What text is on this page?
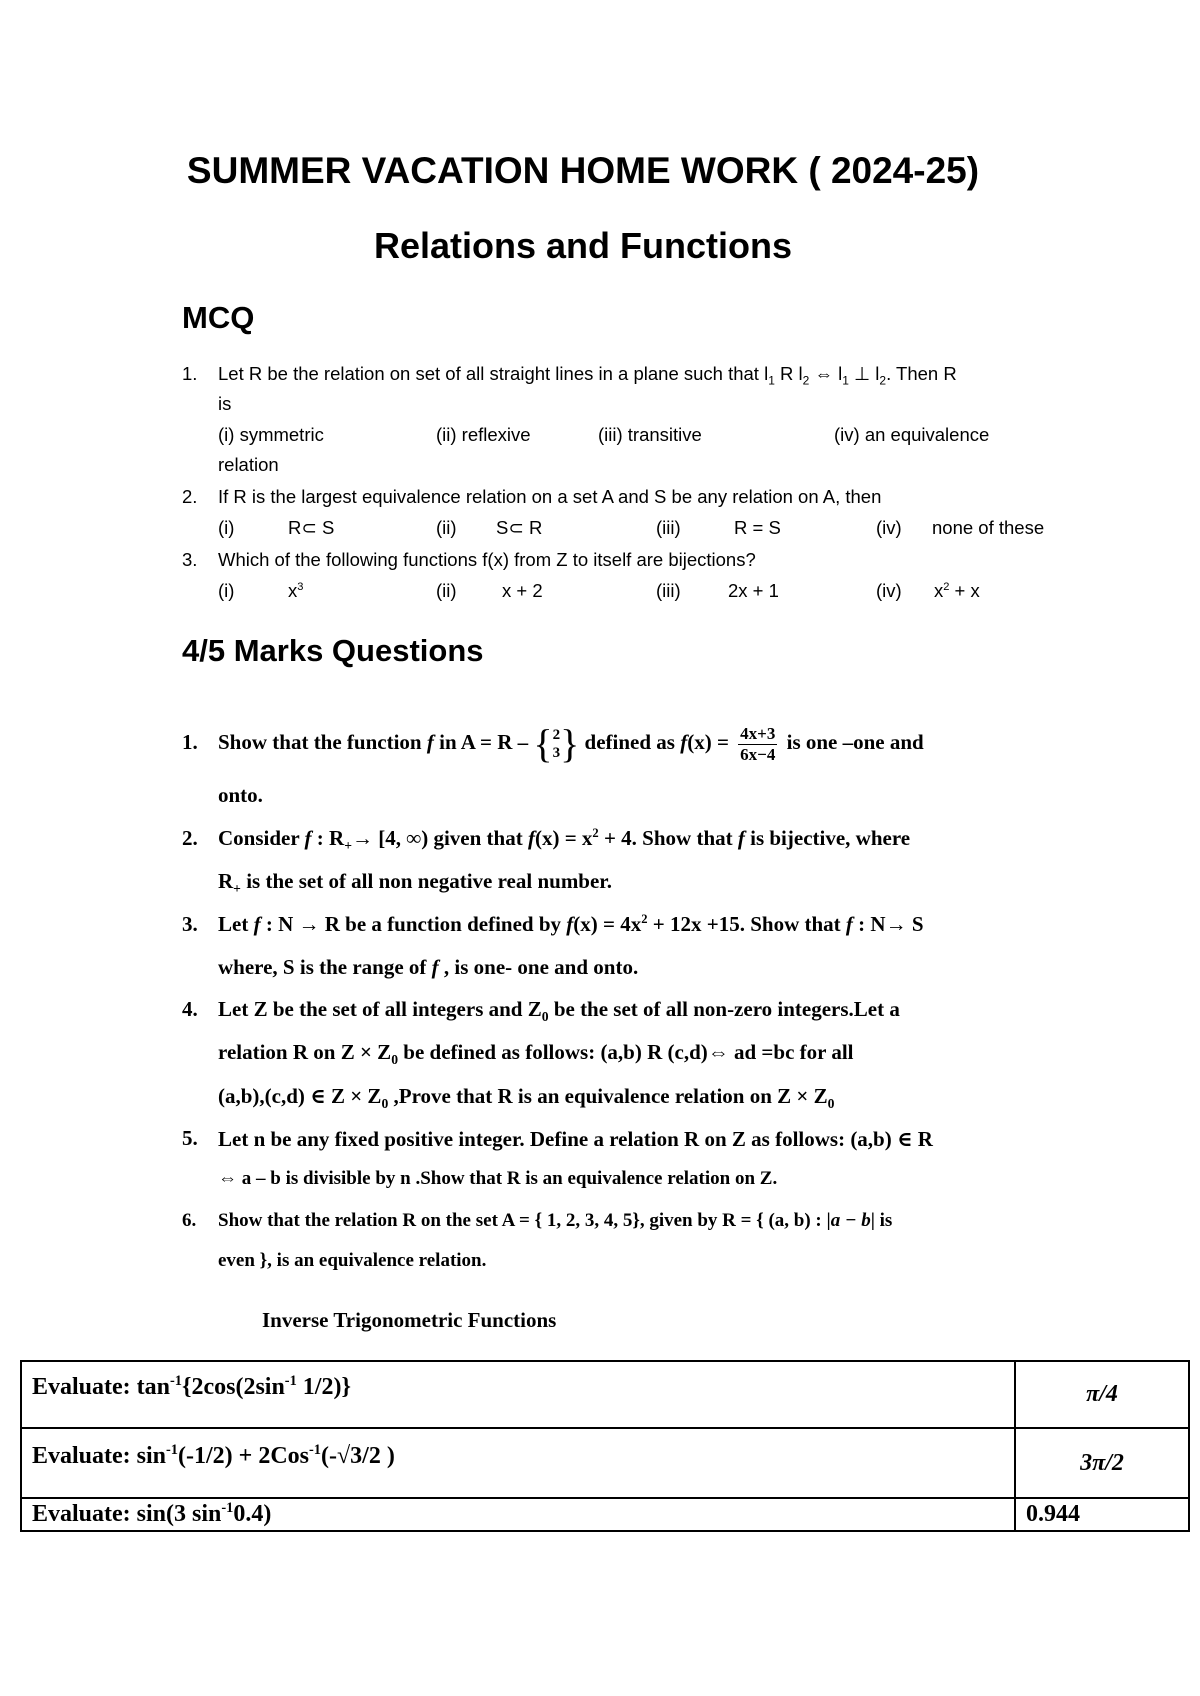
SUMMER VACATION HOME WORK ( 2024-25)
Relations and Functions
MCQ
1. Let R be the relation on set of all straight lines in a plane such that $l_1$ R $l_2$ ⇔ $l_1$ ⊥ $l_2$. Then R
is
(i) symmetric	(ii) reflexive	(iii) transitive	(iv) an equivalence
relation
2. If R is the largest equivalence relation on a set A and S be any relation on A, then
(i)	R⊂ S	(ii) S⊂ R	(iii)	R = S	(iv) none of these
3. Which of the following functions f(x) from Z to itself are bijections?
(i)	$x^3$	(ii) x + 2	(iii)	2x + 1	(iv) $x^2 + x$
4/5 Marks Questions
1. Show that the function f in A = R – { 2
3 } defined as $f(x) = \frac{4x+3}{6x-4}$ is one –one and
onto.
2. Consider f : $R_+\to [4$, ∞) given that $f(x) = x^2 + 4$. Show that f is bijective, where
$R_+$ is the set of all non negative real number.
3. Let f : N → R be a function defined by $f(x) = 4x^2 + 12x +15$. Show that f : N→ S
where, S is the range of f , is one- one and onto.
4. Let Z be the set of all integers and $Z_0$ be the set of all non-zero integers.Let a
relation R on $Z \times Z_0$ be defined as follows: (a,b) R (c,d)⇔ ad =bc for all
(a,b),(c,d) ∈ $Z \times Z_0$ ,Prove that R is an equivalence relation on $Z \times Z_0$
5. Let n be any fixed positive integer. Define a relation R on Z as follows: (a,b) ∈ R
⇔ a – b is divisible by n .Show that R is an equivalence relation on Z.
6. Show that the relation R on the set A = { 1, 2, 3, 4, 5}, given by R = { (a, b) : |a − b| is
even }, is an equivalence relation.
Inverse Trigonometric Functions
Evaluate: $\tan^{-1}\{2\cos(2\sin^{-1}$ 1/2)}	π/4
Evaluate: $\sin^{-1}(-1/2) + 2Cos^{-1}(-√3/2$ )	3π/2
Evaluate: sin(3 $\sin^{-1}0.4$)	0.944
